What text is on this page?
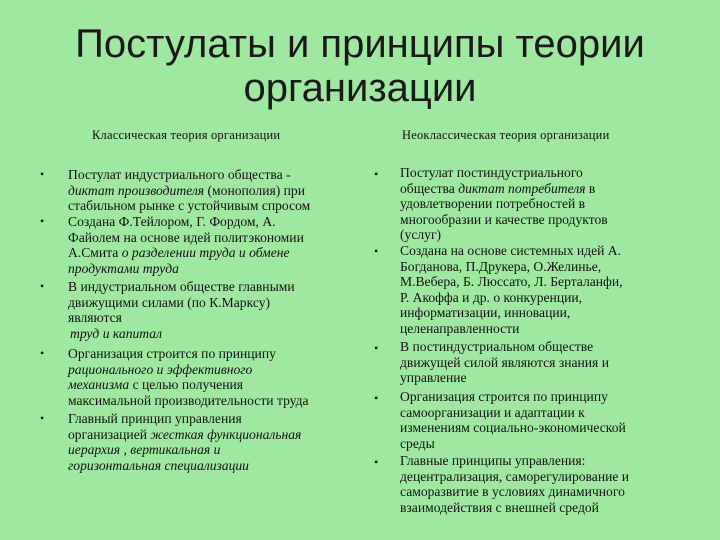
Постулаты и принципы теории
организации
Классическая теория организации	Неоклассическая теория организации
• Постулат индустриального общества -
диктат производителя (монополия) при
стабильном рынке с устойчивым спросом
• Создана Ф.Тейлором, Г. Фордом, А.
Файолем на основе идей политэкономии
А.Смита о разделении труда и обмене
продуктами труда
• В индустриальном обществе главными
движущими силами (по К.Марксу)
являются
труд и капитал
• Организация строится по принципу
рационального и эффективного
механизма с целью получения
максимальной производительности труда
• Главный принцип управления
организацией жесткая функциональная
иерархия , вертикальная и
горизонтальная специализации
• Постулат постиндустриального
общества диктат потребителя в
удовлетворении потребностей в
многообразии и качестве продуктов
(услуг)
• Создана на основе системных идей А.
Богданова, П.Друкера, О.Желинье,
М.Вебера, Б. Люссато, Л. Берталанфи,
Р. Акоффа и др. о конкуренции,
информатизации, инновации,
целенаправленности
• В постиндустриальном обществе
движущей силой являются знания и
управление
• Организация строится по принципу
самоорганизации и адаптации к
изменениям социально-экономической
среды
• Главные принципы управления:
децентрализация, саморегулирование и
саморазвитие в условиях динамичного
взаимодействия с внешней средой
